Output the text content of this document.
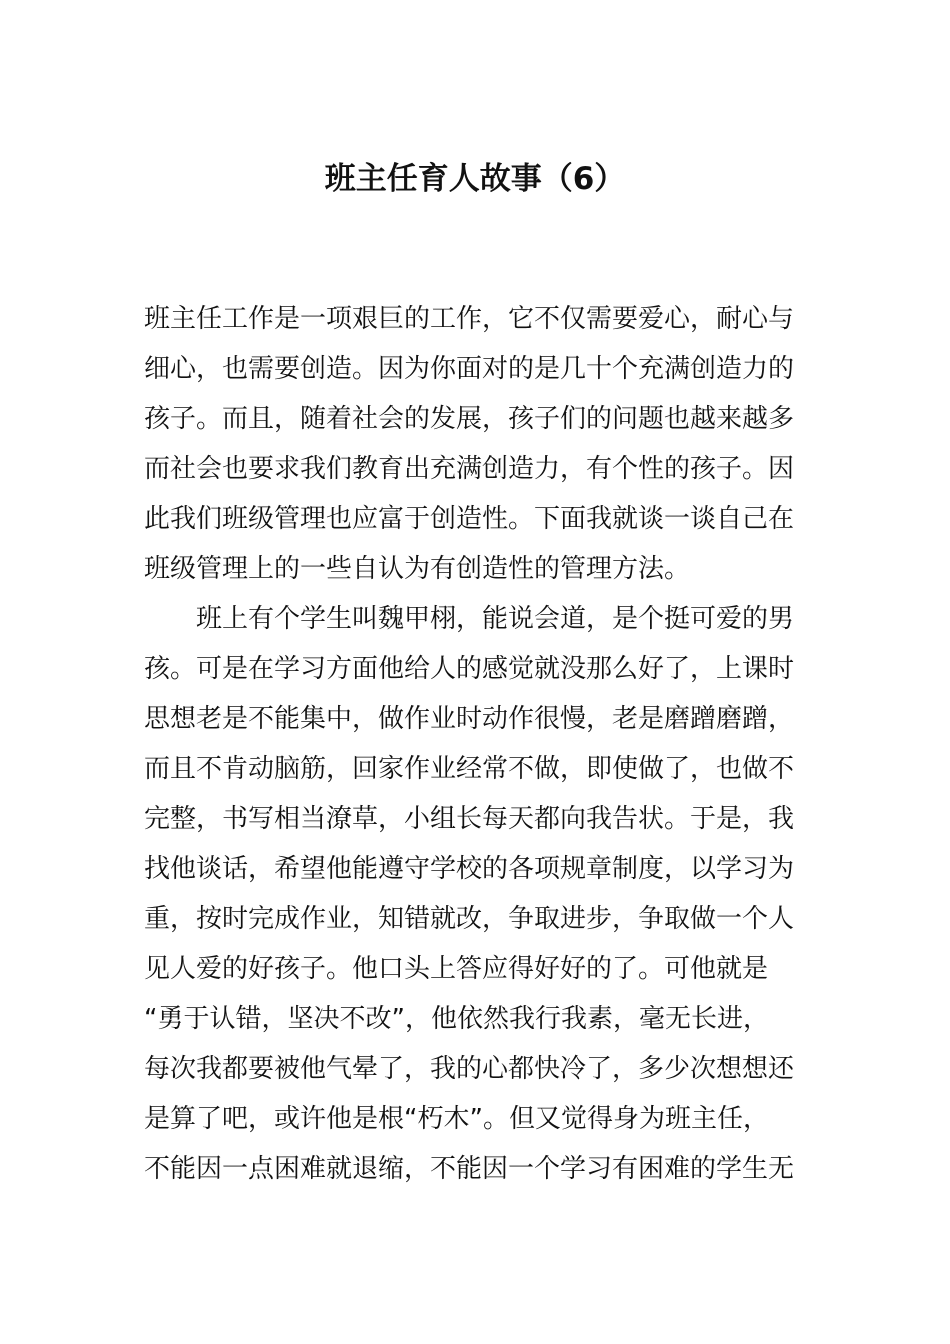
班主任育人故事（6）
班主任工作是一项艰巨的工作，它不仅需要爱心，耐心与
细心，也需要创造。因为你面对的是几十个充满创造力的
孩子。而且，随着社会的发展，孩子们的问题也越来越多
而社会也要求我们教育出充满创造力，有个性的孩子。因
此我们班级管理也应富于创造性。下面我就谈一谈自己在
班级管理上的一些自认为有创造性的管理方法。
班上有个学生叫魏甲栩，能说会道，是个挺可爱的男
孩。可是在学习方面他给人的感觉就没那么好了，上课时
思想老是不能集中，做作业时动作很慢，老是磨蹭磨蹭，
而且不肯动脑筋，回家作业经常不做，即使做了，也做不
完整，书写相当潦草，小组长每天都向我告状。于是，我
找他谈话，希望他能遵守学校的各项规章制度，以学习为
重，按时完成作业，知错就改，争取进步，争取做一个人
见人爱的好孩子。他口头上答应得好好的了。可他就是
“勇于认错，坚决不改”，他依然我行我素，毫无长进，
每次我都要被他气晕了，我的心都快冷了，多少次想想还
是算了吧，或许他是根“朽木”。但又觉得身为班主任，
不能因一点困难就退缩，不能因一个学习有困难的学生无
